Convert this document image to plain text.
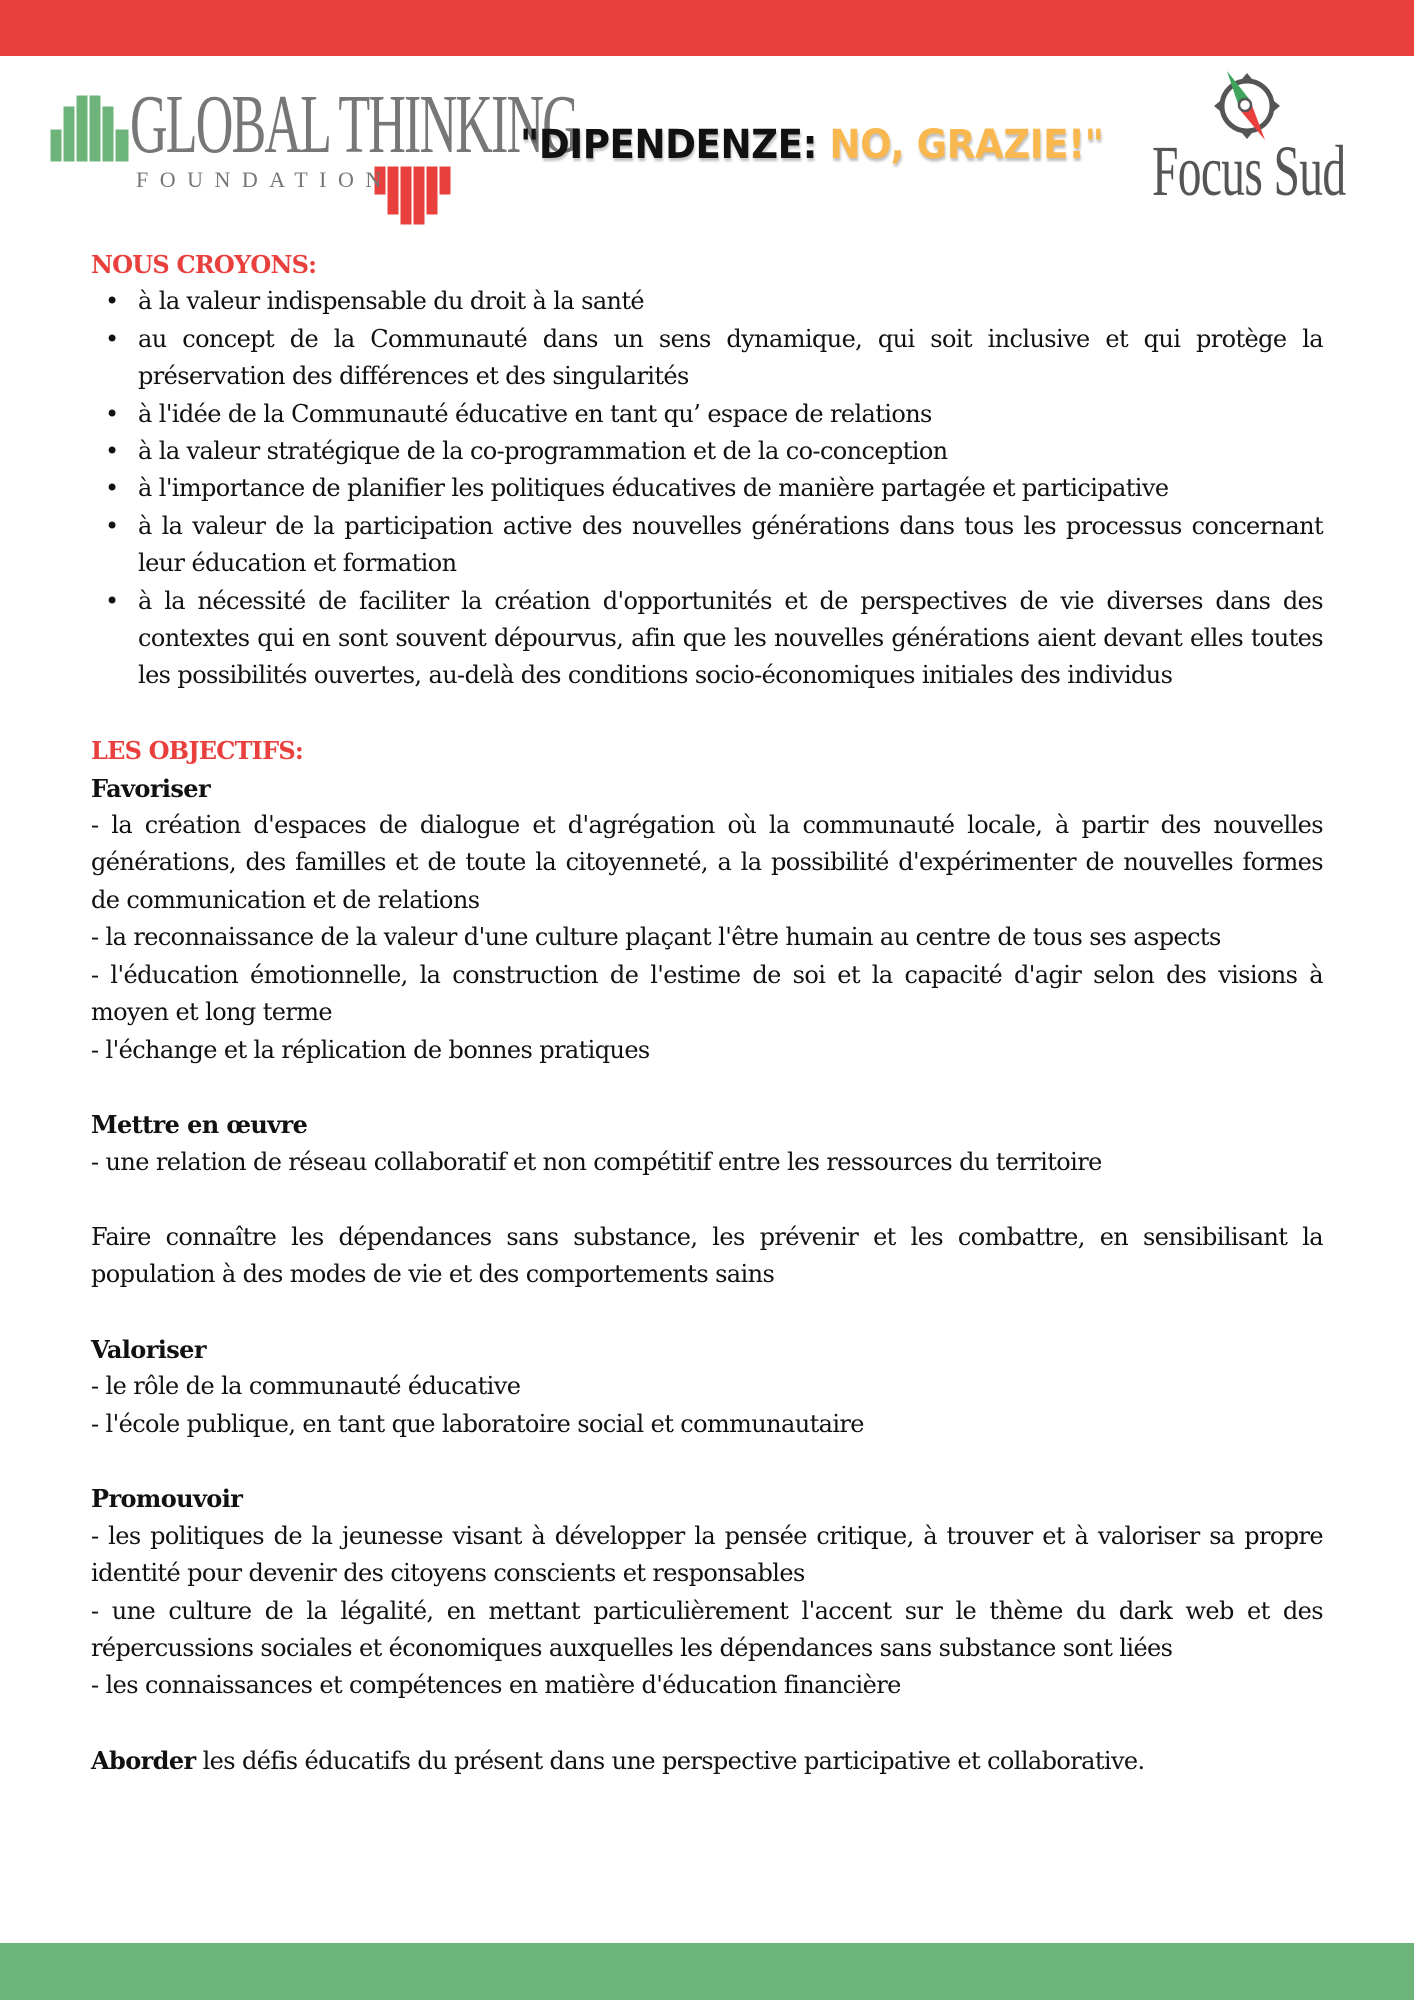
GLOBAL THINKING
FOUNDATION
"DIPENDENZE: NO, GRAZIE!" Focus Sud
NOUS CROYONS:
• à la valeur indispensable du droit à la santé
• au concept de la Communauté dans un sens dynamique, qui soit inclusive et qui protège la préservation des différences et des singularités
• à l'idée de la Communauté éducative en tant qu’ espace de relations
• à la valeur stratégique de la co-programmation et de la co-conception
• à l'importance de planifier les politiques éducatives de manière partagée et participative
• à la valeur de la participation active des nouvelles générations dans tous les processus concernant leur éducation et formation
• à la nécessité de faciliter la création d'opportunités et de perspectives de vie diverses dans des contextes qui en sont souvent dépourvus, afin que les nouvelles générations aient devant elles toutes les possibilités ouvertes, au-delà des conditions socio-économiques initiales des individus
LES OBJECTIFS:

Favoriser

- la création d'espaces de dialogue et d'agrégation où la communauté locale, à partir des nouvelles générations, des familles et de toute la citoyenneté, a la possibilité d'expérimenter de nouvelles formes de communication et de relations

- la reconnaissance de la valeur d'une culture plaçant l'être humain au centre de tous ses aspects

- l'éducation émotionnelle, la construction de l'estime de soi et la capacité d'agir selon des visions à moyen et long terme

- l'échange et la réplication de bonnes pratiques

Mettre en œuvre

- une relation de réseau collaboratif et non compétitif entre les ressources du territoire

Faire connaître les dépendances sans substance, les prévenir et les combattre, en sensibilisant la population à des modes de vie et des comportements sains

Valoriser

- le rôle de la communauté éducative

- l'école publique, en tant que laboratoire social et communautaire

Promouvoir

- les politiques de la jeunesse visant à développer la pensée critique, à trouver et à valoriser sa propre identité pour devenir des citoyens conscients et responsables

- une culture de la légalité, en mettant particulièrement l'accent sur le thème du dark web et des répercussions sociales et économiques auxquelles les dépendances sans substance sont liées

- les connaissances et compétences en matière d'éducation financière

Aborder les défis éducatifs du présent dans une perspective participative et collaborative.
